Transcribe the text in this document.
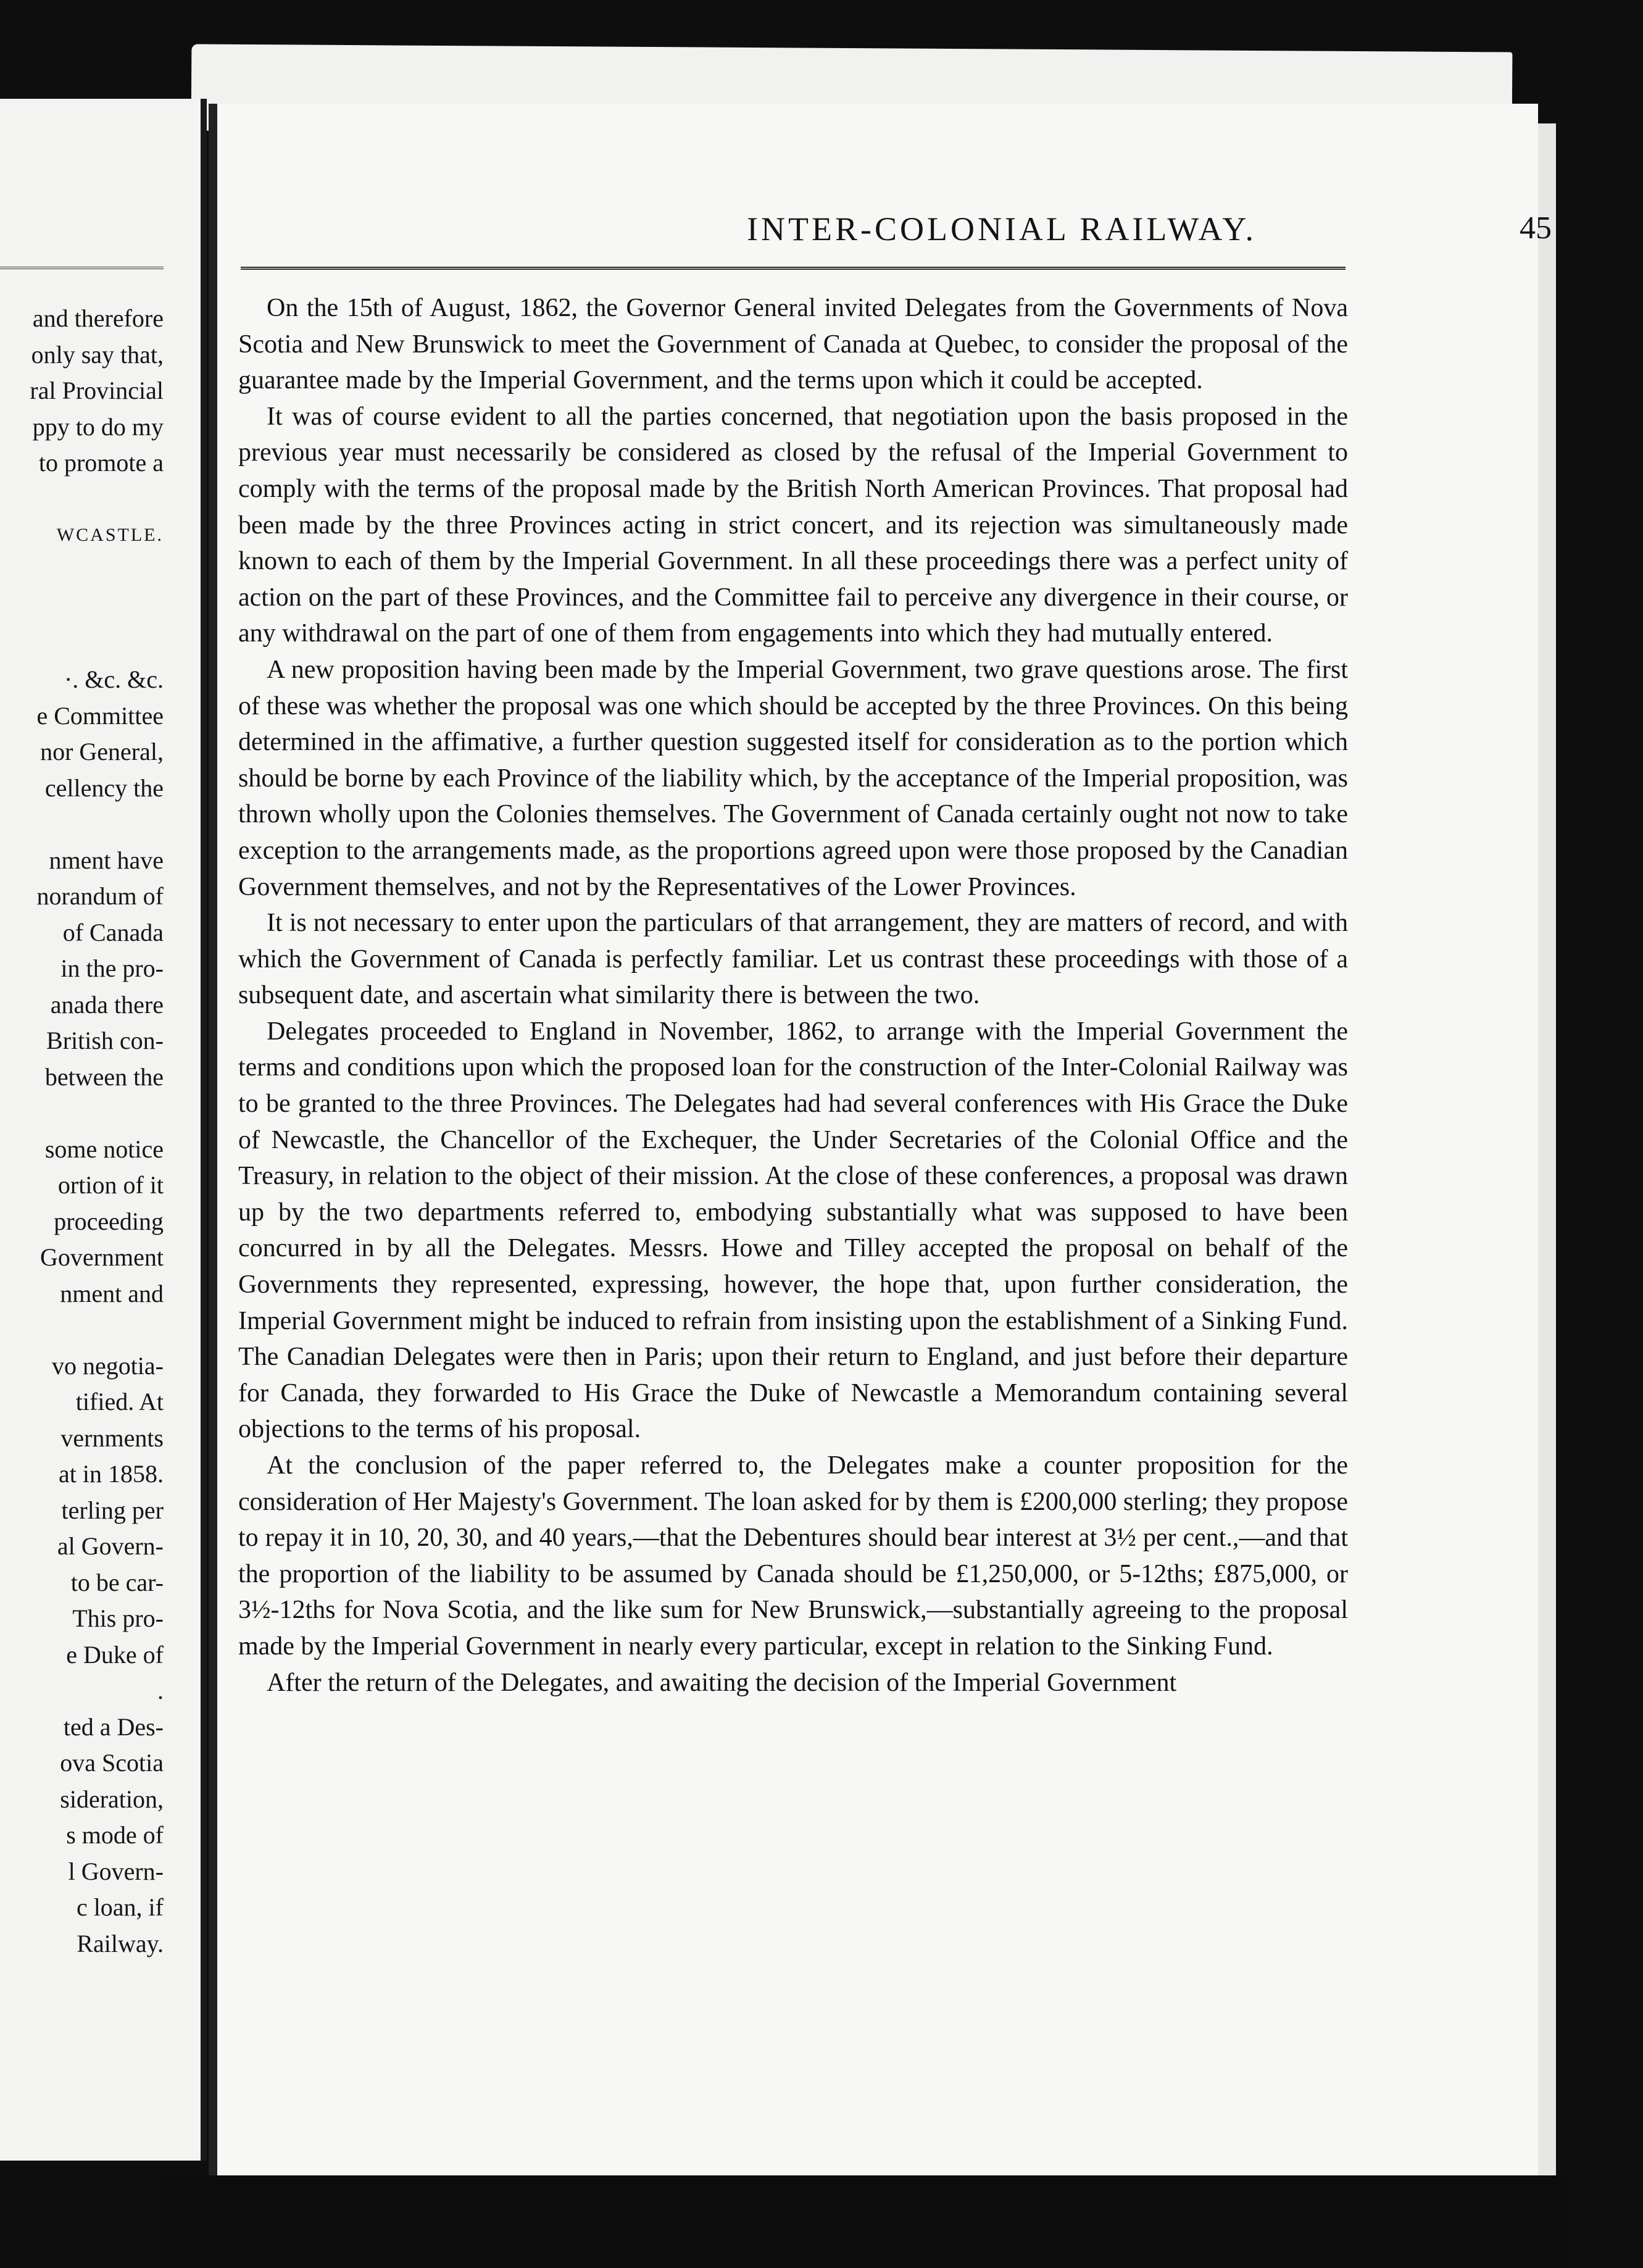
and therefore
only say that,
ral Provincial
ppy to do my
to promote a
WCASTLE.
·. &c. &c.
e Committee
nor General,
cellency the
nment have
norandum of
of Canada
in the pro-
anada there
British con-
between the
some notice
ortion of it
proceeding
Government
nment and
vo negotia-
tified. At
vernments
at in 1858.
terling per
al Govern-
to be car-
This pro-
e Duke of
.
ted a Des-
ova Scotia
sideration,
s mode of
l Govern-
c loan, if
Railway.
INTER-COLONIAL RAILWAY.	45

On the 15th of August, 1862, the Governor General invited Delegates from the Governments of Nova Scotia and New Brunswick to meet the Government of Canada at Quebec, to consider the proposal of the guarantee made by the Imperial Government, and the terms upon which it could be accepted.

It was of course evident to all the parties concerned, that negotiation upon the basis proposed in the previous year must necessarily be considered as closed by the refusal of the Imperial Government to comply with the terms of the proposal made by the British North American Provinces. That proposal had been made by the three Provinces acting in strict concert, and its rejection was simultaneously made known to each of them by the Imperial Government. In all these proceedings there was a perfect unity of action on the part of these Provinces, and the Committee fail to perceive any divergence in their course, or any withdrawal on the part of one of them from engagements into which they had mutually entered.

A new proposition having been made by the Imperial Government, two grave questions arose. The first of these was whether the proposal was one which should be accepted by the three Provinces. On this being determined in the affimative, a further question suggested itself for consideration as to the portion which should be borne by each Province of the liability which, by the acceptance of the Imperial proposition, was thrown wholly upon the Colonies themselves. The Government of Canada certainly ought not now to take exception to the arrangements made, as the proportions agreed upon were those proposed by the Canadian Government themselves, and not by the Representatives of the Lower Provinces.

It is not necessary to enter upon the particulars of that arrangement, they are matters of record, and with which the Government of Canada is perfectly familiar. Let us contrast these proceedings with those of a subsequent date, and ascertain what similarity there is between the two.

Delegates proceeded to England in November, 1862, to arrange with the Imperial Government the terms and conditions upon which the proposed loan for the construction of the Inter-Colonial Railway was to be granted to the three Provinces. The Delegates had had several conferences with His Grace the Duke of Newcastle, the Chancellor of the Exchequer, the Under Secretaries of the Colonial Office and the Treasury, in relation to the object of their mission. At the close of these conferences, a proposal was drawn up by the two departments referred to, embodying substantially what was supposed to have been concurred in by all the Delegates. Messrs. Howe and Tilley accepted the proposal on behalf of the Governments they represented, expressing, however, the hope that, upon further consideration, the Imperial Government might be induced to refrain from insisting upon the establishment of a Sinking Fund. The Canadian Delegates were then in Paris; upon their return to England, and just before their departure for Canada, they forwarded to His Grace the Duke of Newcastle a Memorandum containing several objections to the terms of his proposal.

At the conclusion of the paper referred to, the Delegates make a counter proposition for the consideration of Her Majesty's Government. The loan asked for by them is £200,000 sterling; they propose to repay it in 10, 20, 30, and 40 years,—that the Debentures should bear interest at 3½ per cent.,—and that the proportion of the liability to be assumed by Canada should be £1,250,000, or 5-12ths; £875,000, or 3½-12ths for Nova Scotia, and the like sum for New Brunswick,—substantially agreeing to the proposal made by the Imperial Government in nearly every particular, except in relation to the Sinking Fund.

After the return of the Delegates, and awaiting the decision of the Imperial Government
